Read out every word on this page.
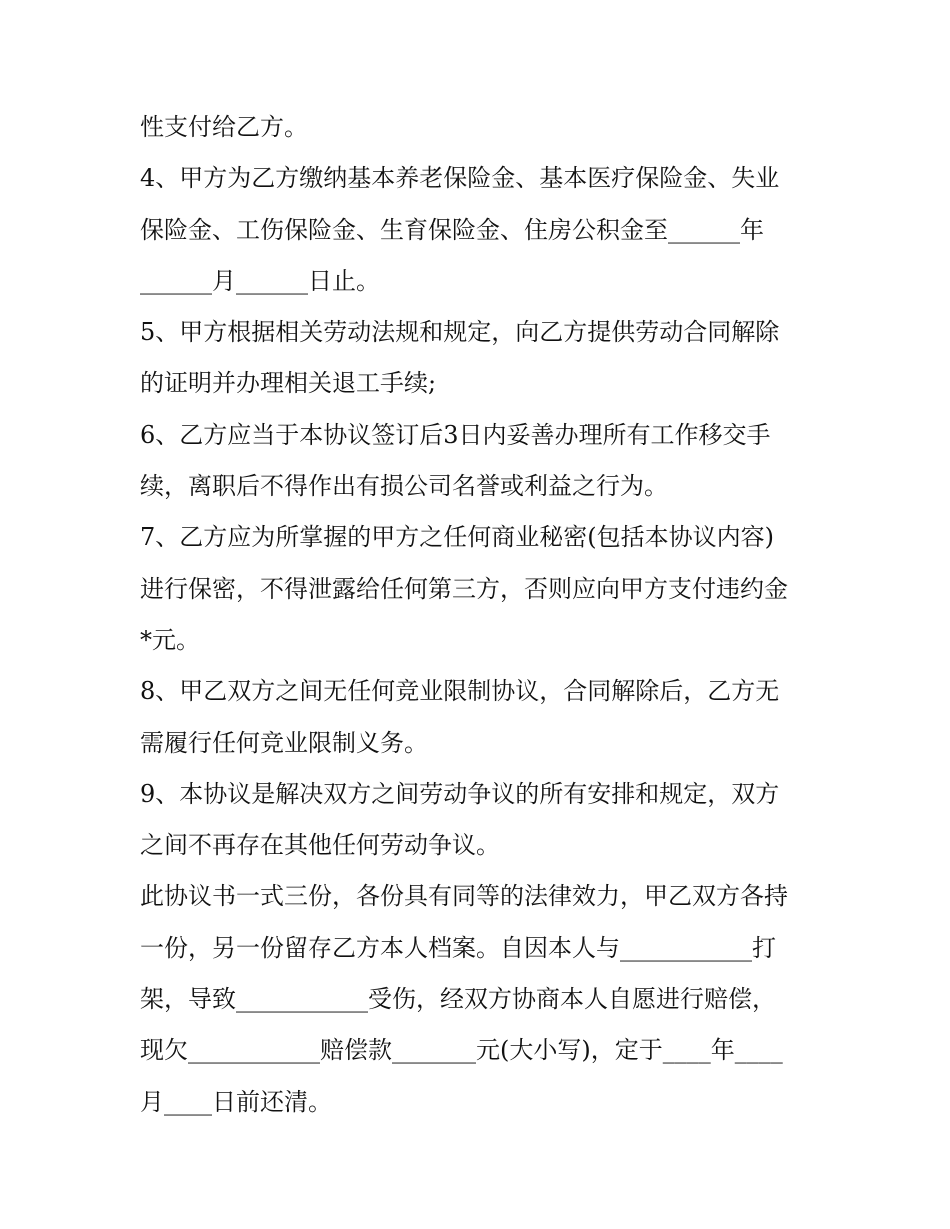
性支付给乙方。
4、甲方为乙方缴纳基本养老保险金、基本医疗保险金、失业
保险金、工伤保险金、生育保险金、住房公积金至______年
______月______日止。
5、甲方根据相关劳动法规和规定，向乙方提供劳动合同解除
的证明并办理相关退工手续;
6、乙方应当于本协议签订后3日内妥善办理所有工作移交手
续，离职后不得作出有损公司名誉或利益之行为。
7、乙方应为所掌握的甲方之任何商业秘密(包括本协议内容)
进行保密，不得泄露给任何第三方，否则应向甲方支付违约金
*元。
8、甲乙双方之间无任何竞业限制协议，合同解除后，乙方无
需履行任何竞业限制义务。
9、本协议是解决双方之间劳动争议的所有安排和规定，双方
之间不再存在其他任何劳动争议。
此协议书一式三份，各份具有同等的法律效力，甲乙双方各持
一份，另一份留存乙方本人档案。自因本人与___________打
架，导致___________受伤，经双方协商本人自愿进行赔偿，
现欠___________赔偿款_______元(大小写)，定于____年____
月____日前还清。
